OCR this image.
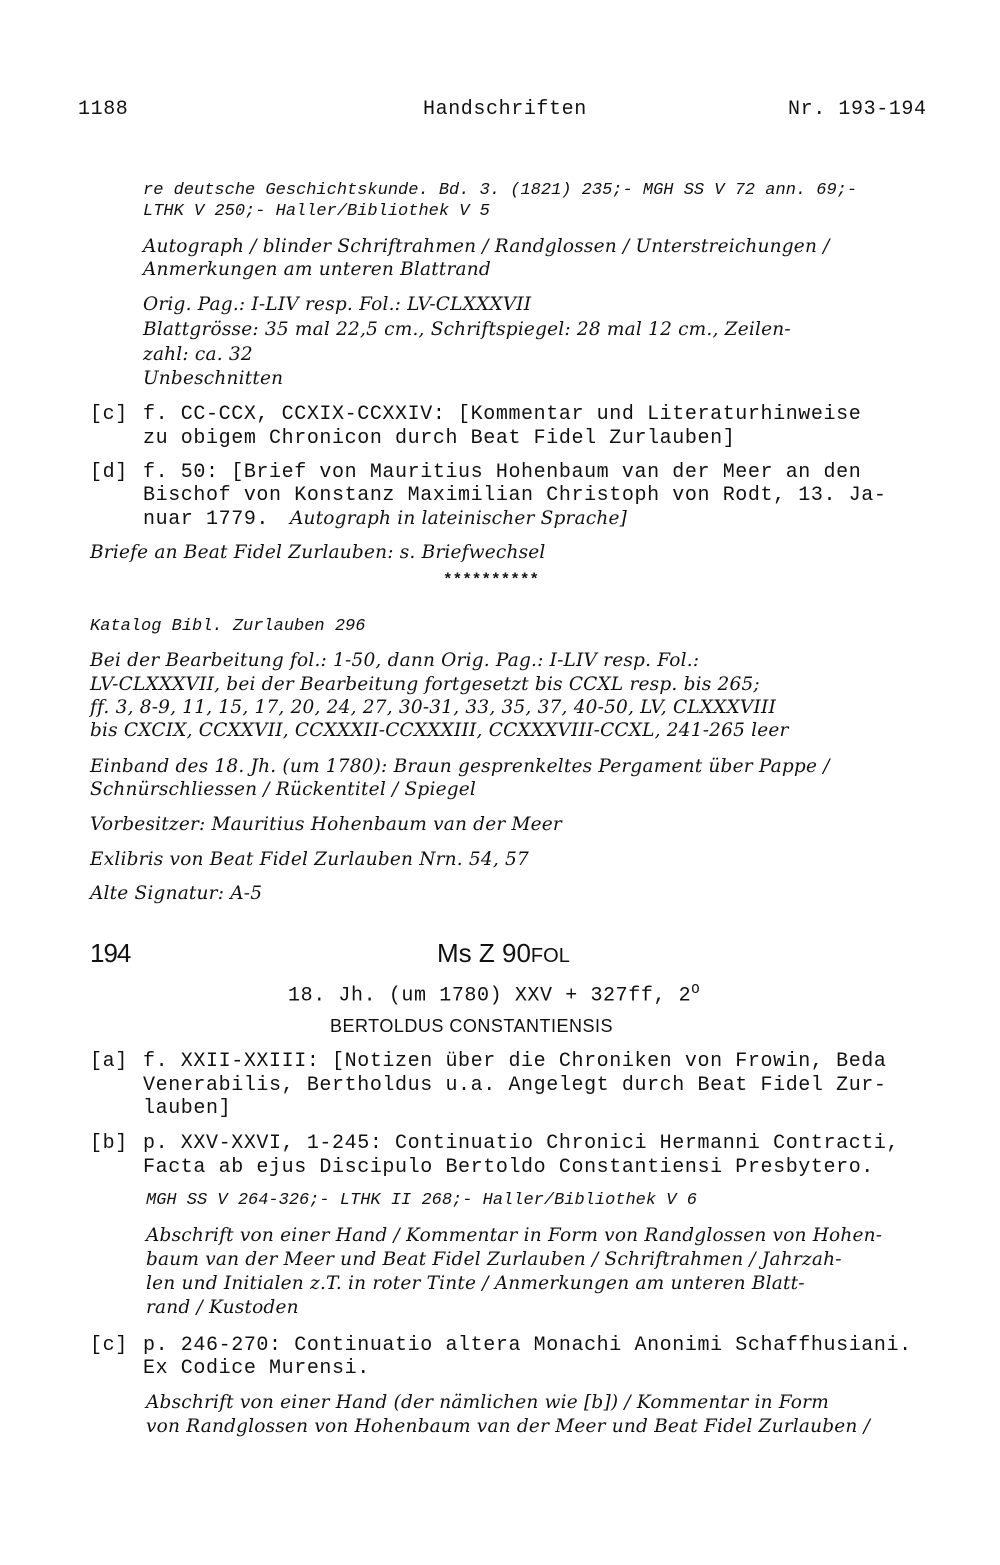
1188	Handschriften	Nr. 193-194
re deutsche Geschichtskunde. Bd. 3. (1821) 235;- MGH SS V 72 ann. 69;-
LTHK V 250;- Haller/Bibliothek V 5
Autograph / blinder Schriftrahmen / Randglossen / Unterstreichungen /
Anmerkungen am unteren Blattrand
Orig. Pag.: I-LIV resp. Fol.: LV-CLXXXVII
Blattgrösse: 35 mal 22,5 cm., Schriftspiegel: 28 mal 12 cm., Zeilen-
zahl: ca. 32
Unbeschnitten
[c] f. CC-CCX, CCXIX-CCXXIV: [Kommentar und Literaturhinweise
zu obigem Chronicon durch Beat Fidel Zurlauben]
[d] f. 50: [Brief von Mauritius Hohenbaum van der Meer an den
Bischof von Konstanz Maximilian Christoph von Rodt, 13. Ja-
nuar 1779. Autograph in lateinischer Sprache]
Briefe an Beat Fidel Zurlauben: s. Briefwechsel
**********
Katalog Bibl. Zurlauben 296
Bei der Bearbeitung fol.: 1-50, dann Orig. Pag.: I-LIV resp. Fol.:
LV-CLXXXVII, bei der Bearbeitung fortgesetzt bis CCXL resp. bis 265;
ff. 3, 8-9, 11, 15, 17, 20, 24, 27, 30-31, 33, 35, 37, 40-50, LV, CLXXXVIII
bis CXCIX, CCXXVII, CCXXXII-CCXXXIII, CCXXXVIII-CCXL, 241-265 leer
Einband des 18. Jh. (um 1780): Braun gesprenkeltes Pergament über Pappe /
Schnürschliessen / Rückentitel / Spiegel
Vorbesitzer: Mauritius Hohenbaum van der Meer
Exlibris von Beat Fidel Zurlauben Nrn. 54, 57
Alte Signatur: A-5
194	Ms Z 90FOL
18. Jh. (um 1780) XXV + 327ff, $2^O$
BERTOLDUS CONSTANTIENSIS
[a] f. XXII-XXIII: [Notizen über die Chroniken von Frowin, Beda
Venerabilis, Bertholdus u.a. Angelegt durch Beat Fidel Zur-
lauben]
[b] p. XXV-XXVI, 1-245: Continuatio Chronici Hermanni Contracti,
Facta ab ejus Discipulo Bertoldo Constantiensi Presbytero.
MGH SS V 264-326;- LTHK II 268;- Haller/Bibliothek V 6
Abschrift von einer Hand / Kommentar in Form von Randglossen von Hohen-
baum van der Meer und Beat Fidel Zurlauben / Schriftrahmen / Jahrzah-
len und Initialen z.T. in roter Tinte / Anmerkungen am unteren Blatt-
rand / Kustoden
[c] p. 246-270: Continuatio altera Monachi Anonimi Schaffhusiani.
Ex Codice Murensi.
Abschrift von einer Hand (der nämlichen wie [b]) / Kommentar in Form
von Randglossen von Hohenbaum van der Meer und Beat Fidel Zurlauben /
